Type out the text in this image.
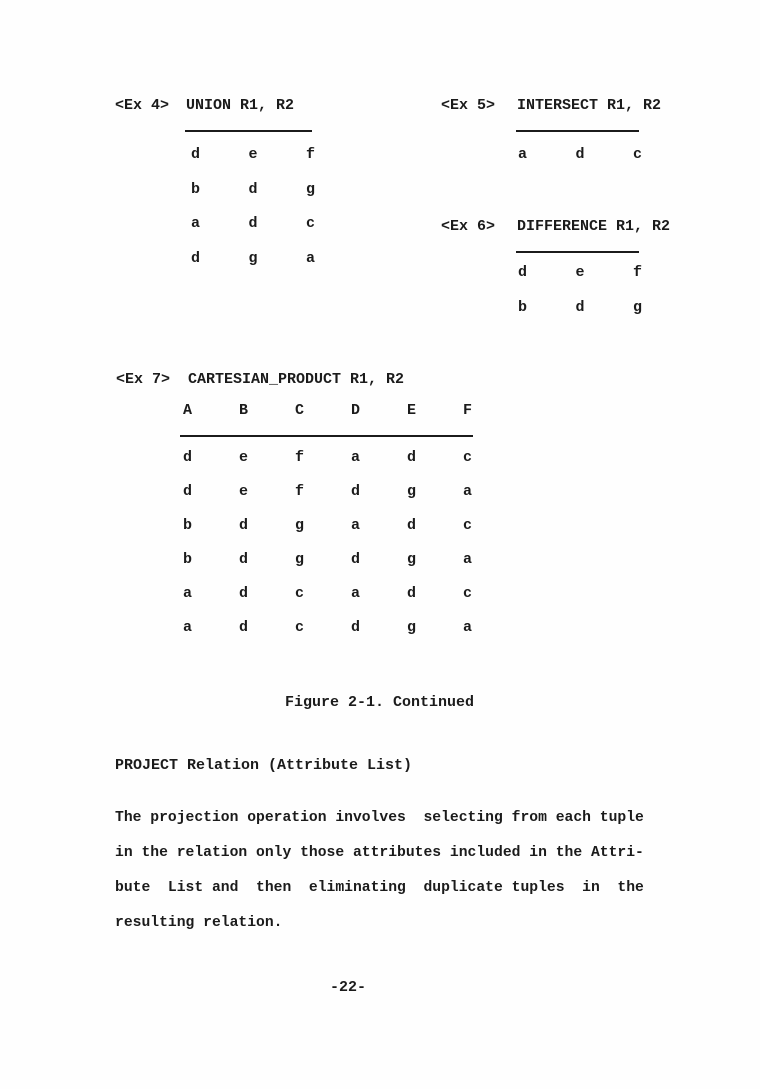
<Ex 4> UNION R1, R2
d	e	f
b	d	g
a	d	c
d	g	a
<Ex 5> INTERSECT R1, R2
a	d	c
<Ex 6> DIFFERENCE R1, R2
d	e	f
b	d	g
<Ex 7> CARTESIAN_PRODUCT R1, R2
A	B	C	D	E	F
d	e	f	a	d	c
d	e	f	d	g	a
b	d	g	a	d	c
b	d	g	d	g	a
a	d	c	a	d	c
a	d	c	d	g	a
Figure 2-1. Continued
PROJECT Relation (Attribute List)
The projection operation involves  selecting from each tuple
in the relation only those attributes included in the Attri-
bute  List and  then  eliminating  duplicate tuples  in  the
resulting relation.
-22-
